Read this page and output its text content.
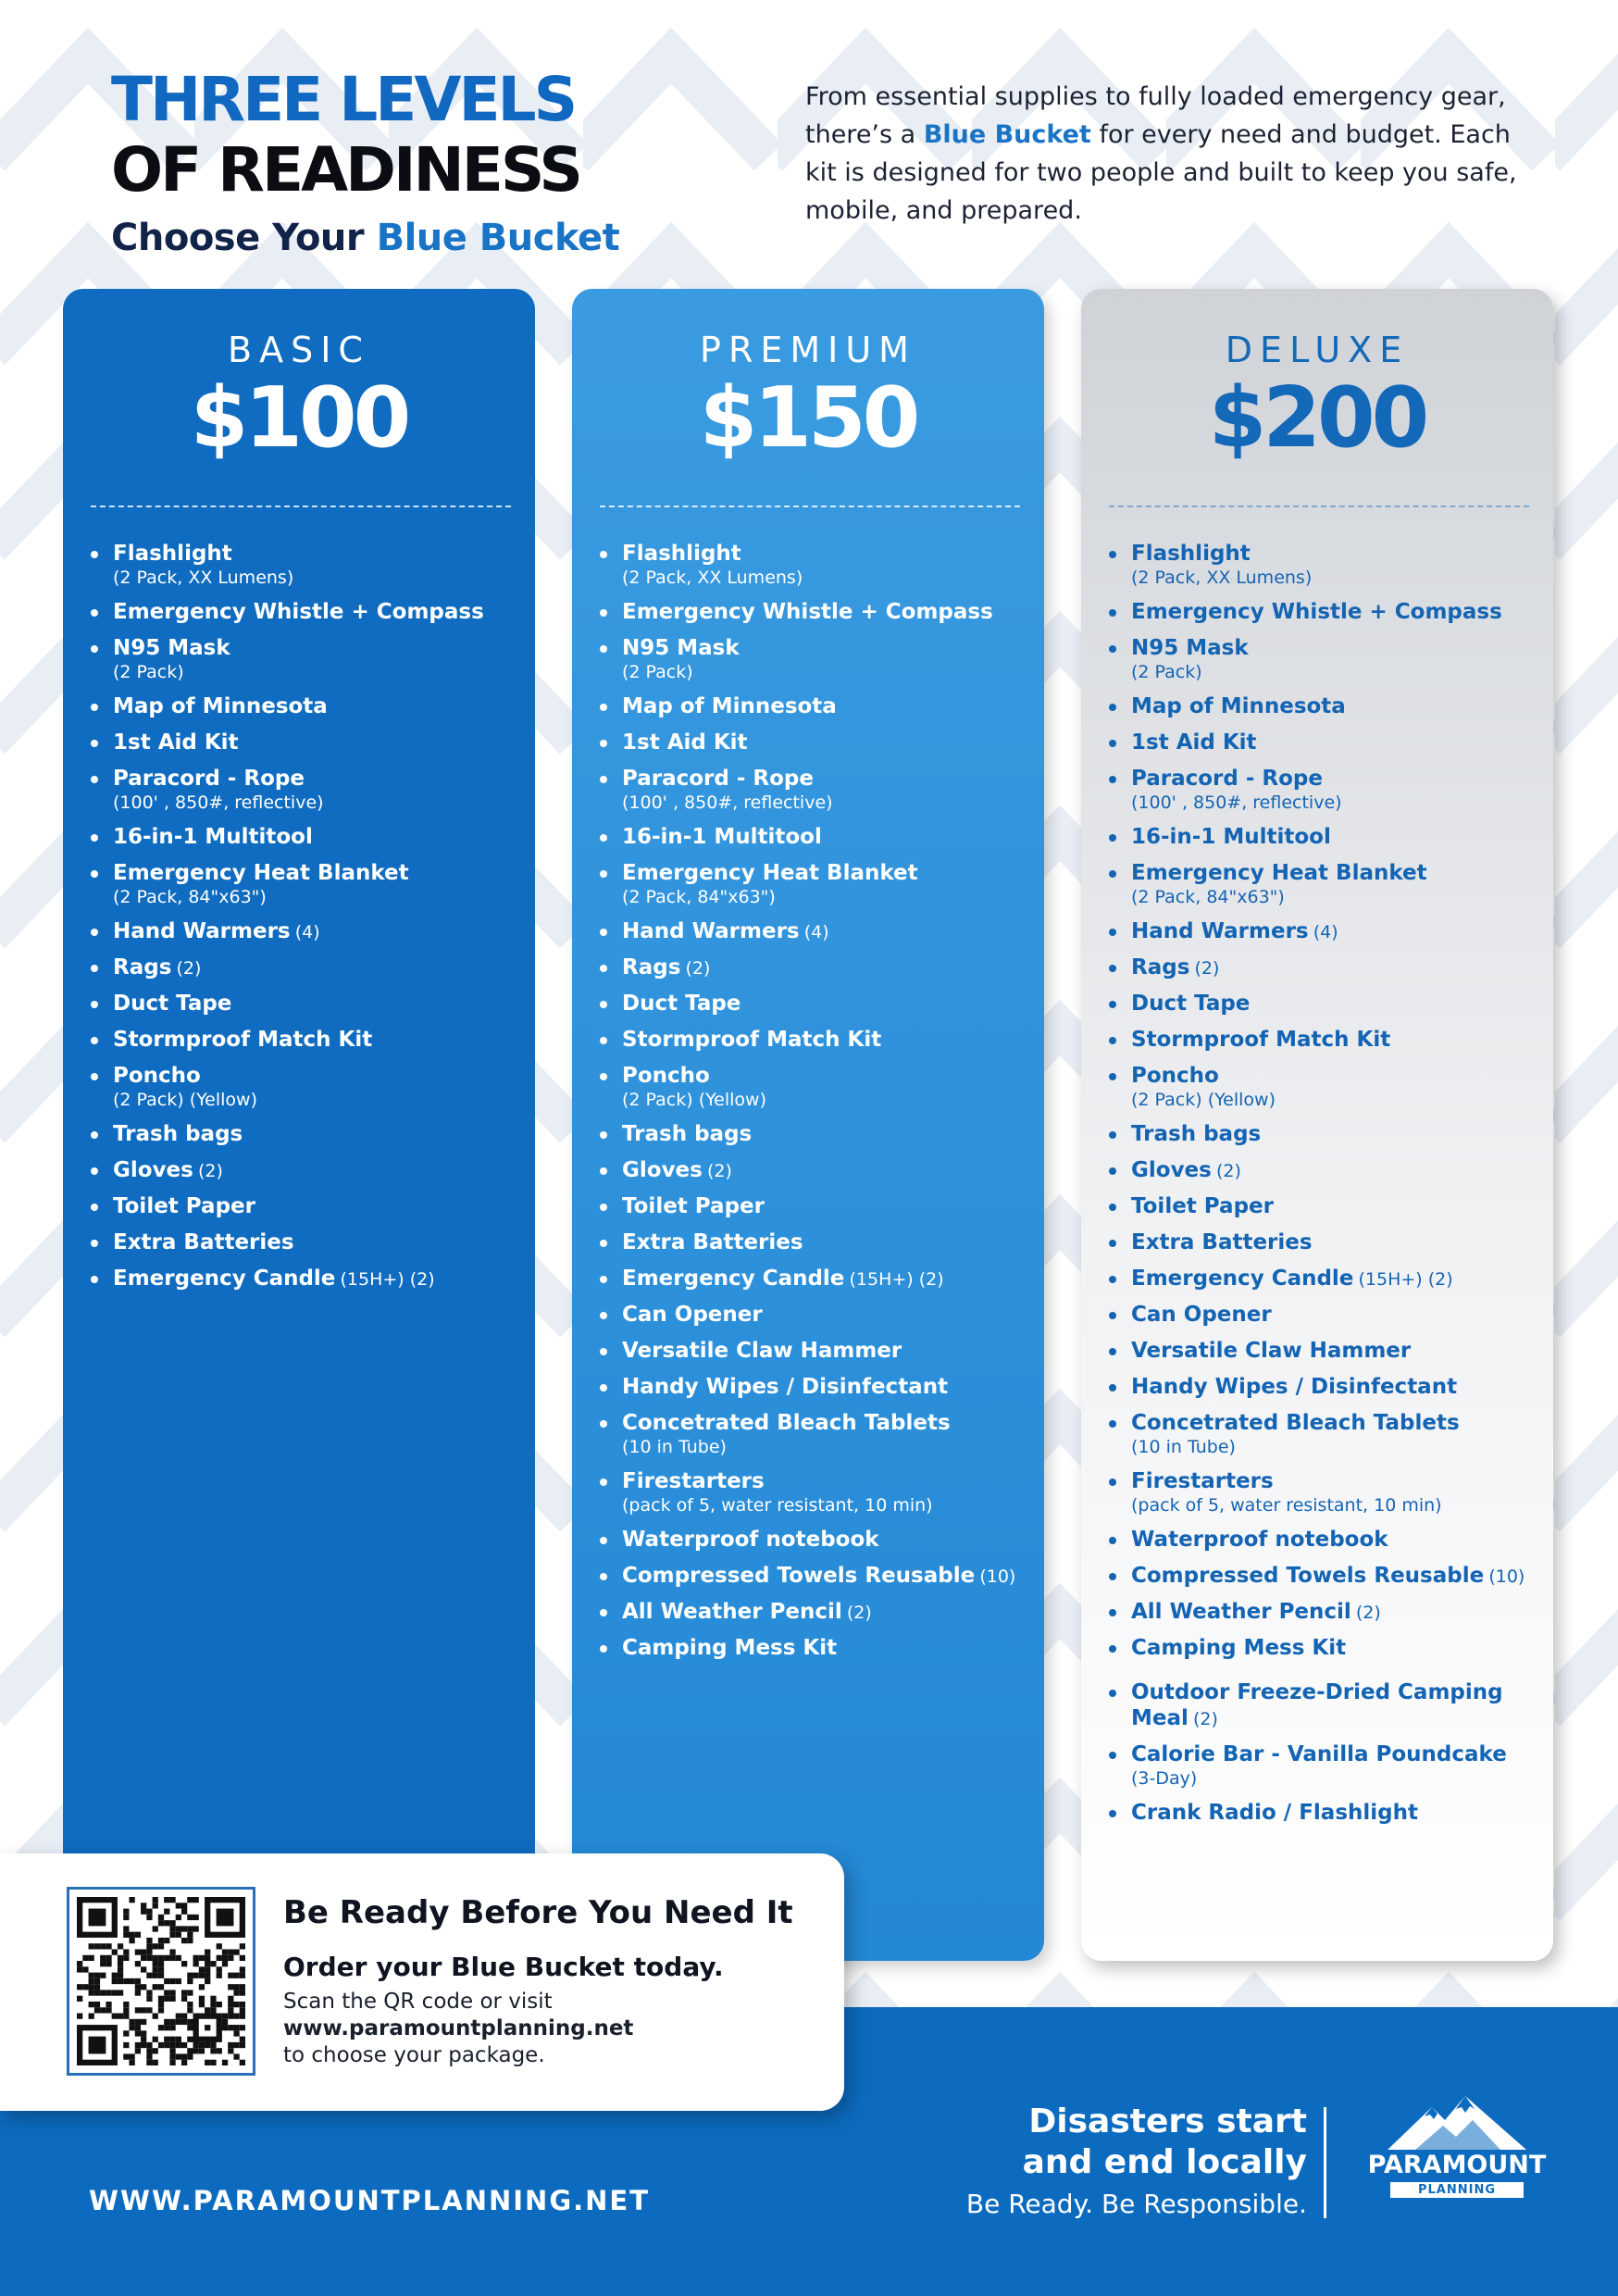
THREE LEVELS
OF READINESS
Choose Your Blue Bucket
From essential supplies to fully loaded emergency gear, there’s a Blue Bucket for every need and budget. Each kit is designed for two people and built to keep you safe, mobile, and prepared.
BASIC
$100
Flashlight
(2 Pack, XX Lumens)
Emergency Whistle + Compass
N95 Mask
(2 Pack)
Map of Minnesota
1st Aid Kit
Paracord - Rope
(100' , 850#, reflective)
16-in-1 Multitool
Emergency Heat Blanket
(2 Pack, 84"x63")
Hand Warmers (4)
Rags (2)
Duct Tape
Stormproof Match Kit
Poncho
(2 Pack) (Yellow)
Trash bags
Gloves (2)
Toilet Paper
Extra Batteries
Emergency Candle (15H+) (2)
PREMIUM
$150
Flashlight
(2 Pack, XX Lumens)
Emergency Whistle + Compass
N95 Mask
(2 Pack)
Map of Minnesota
1st Aid Kit
Paracord - Rope
(100' , 850#, reflective)
16-in-1 Multitool
Emergency Heat Blanket
(2 Pack, 84"x63")
Hand Warmers (4)
Rags (2)
Duct Tape
Stormproof Match Kit
Poncho
(2 Pack) (Yellow)
Trash bags
Gloves (2)
Toilet Paper
Extra Batteries
Emergency Candle (15H+) (2)
Can Opener
Versatile Claw Hammer
Handy Wipes / Disinfectant
Concetrated Bleach Tablets
(10 in Tube)
Firestarters
(pack of 5, water resistant, 10 min)
Waterproof notebook
Compressed Towels Reusable (10)
All Weather Pencil (2)
Camping Mess Kit
DELUXE
$200
Flashlight
(2 Pack, XX Lumens)
Emergency Whistle + Compass
N95 Mask
(2 Pack)
Map of Minnesota
1st Aid Kit
Paracord - Rope
(100' , 850#, reflective)
16-in-1 Multitool
Emergency Heat Blanket
(2 Pack, 84"x63")
Hand Warmers (4)
Rags (2)
Duct Tape
Stormproof Match Kit
Poncho
(2 Pack) (Yellow)
Trash bags
Gloves (2)
Toilet Paper
Extra Batteries
Emergency Candle (15H+) (2)
Can Opener
Versatile Claw Hammer
Handy Wipes / Disinfectant
Concetrated Bleach Tablets
(10 in Tube)
Firestarters
(pack of 5, water resistant, 10 min)
Waterproof notebook
Compressed Towels Reusable (10)
All Weather Pencil (2)
Camping Mess Kit
Outdoor Freeze-Dried Camping Meal (2)
Calorie Bar - Vanilla Poundcake
(3-Day)
Crank Radio / Flashlight
WWW.PARAMOUNTPLANNING.NET
Disasters start
and end locally
Be Ready. Be Responsible.
PARAMOUNT
PLANNING
Be Ready Before You Need It
Order your Blue Bucket today.
Scan the QR code or visit
www.paramountplanning.net
to choose your package.
